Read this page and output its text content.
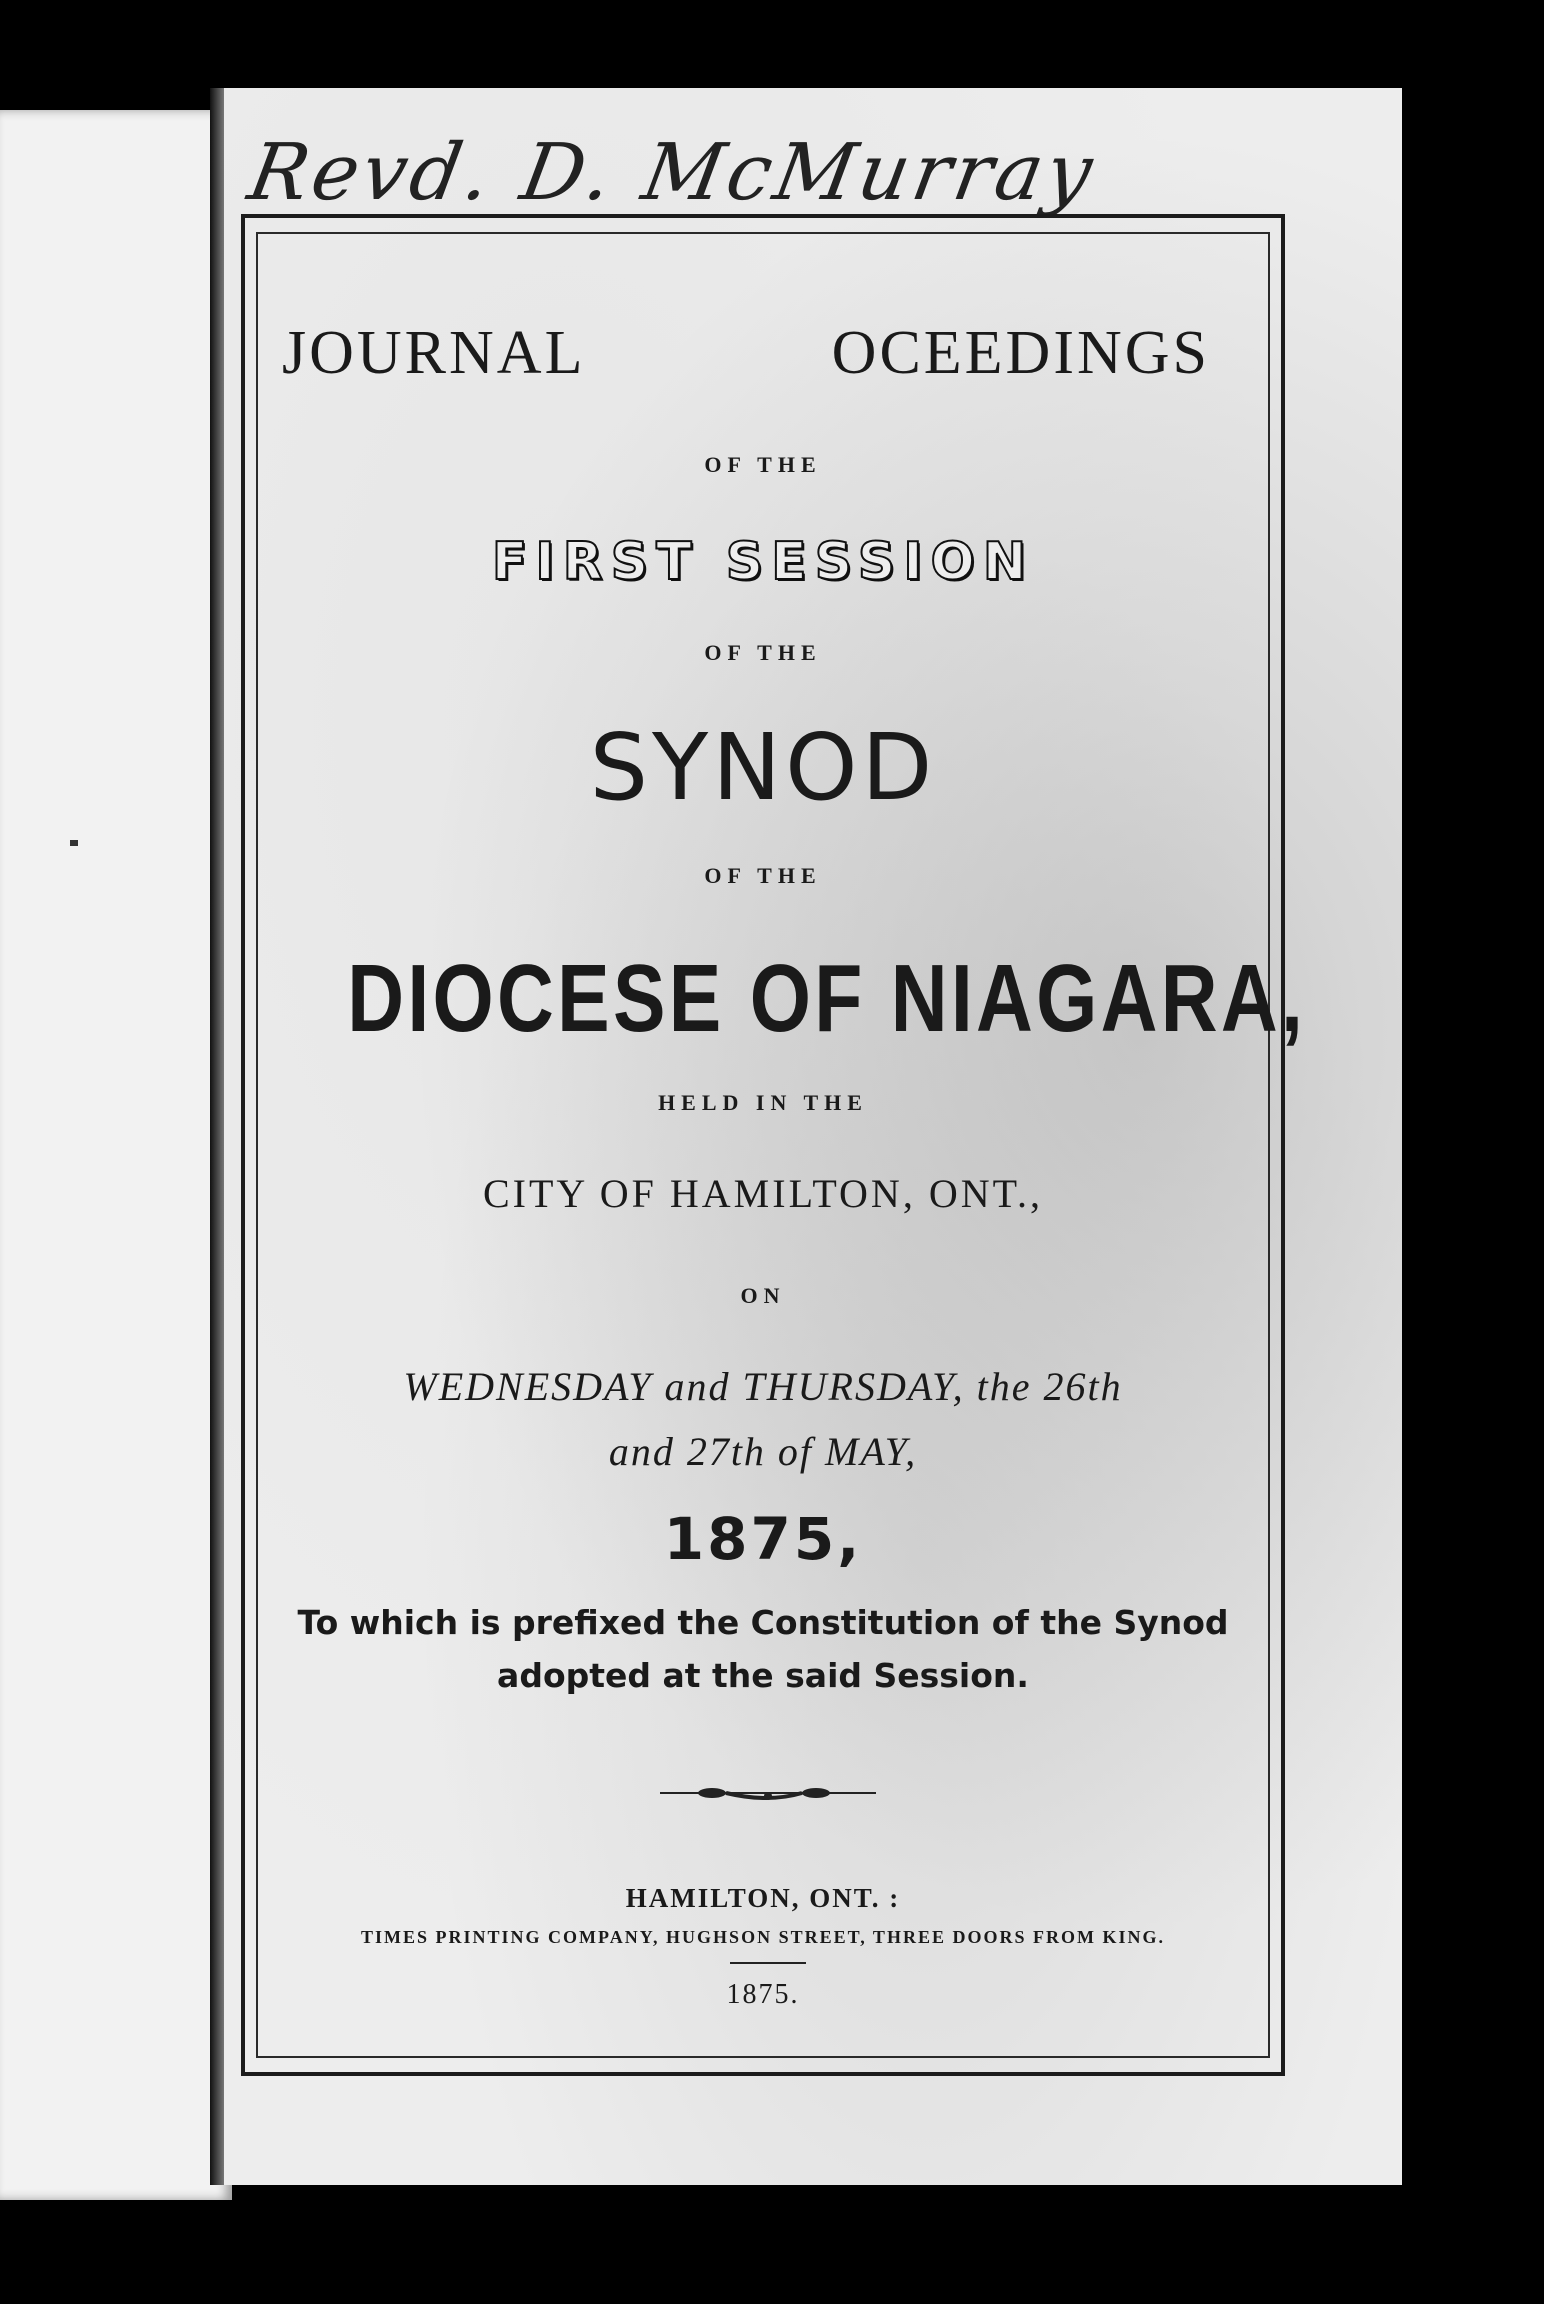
Revd. D. McMurray
JOURNAL	OCEEDINGS
OF THE
FIRST SESSION
OF THE
SYNOD
OF THE
DIOCESE OF NIAGARA,
HELD IN THE
CITY OF HAMILTON, ONT.,
ON
WEDNESDAY and THURSDAY, the 26th
and 27th of MAY,
1875,
To which is prefixed the Constitution of the Synod
adopted at the said Session.
HAMILTON, ONT. :
TIMES PRINTING COMPANY, HUGHSON STREET, THREE DOORS FROM KING.
1875.
